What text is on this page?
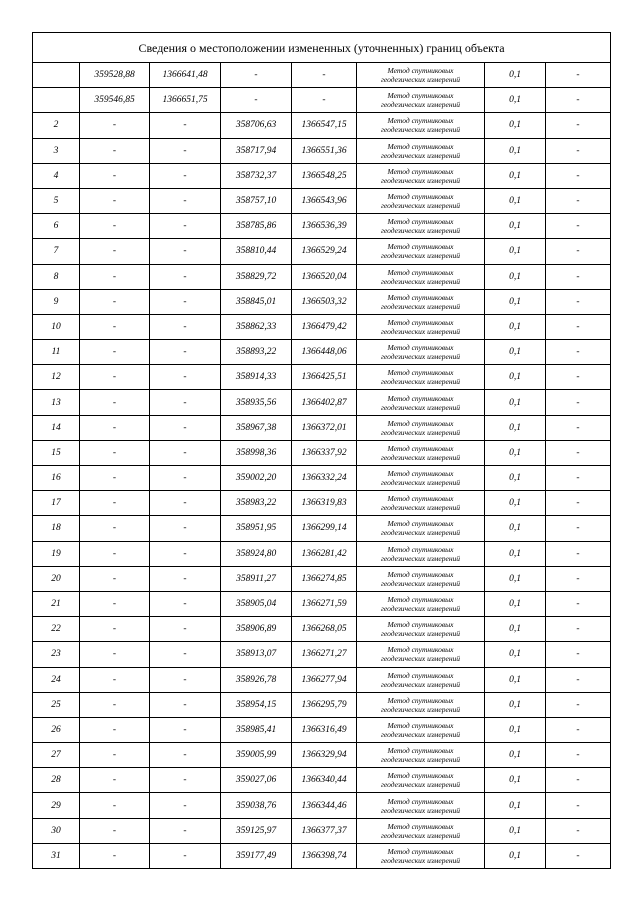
Сведения о местоположении измененных (уточненных) границ объекта							
	359528,88	1366641,48	-	-	Метод спутниковых
геодезических измерений	0,1	-
	359546,85	1366651,75	-	-	Метод спутниковых
геодезических измерений	0,1	-
2	-	-	358706,63	1366547,15	Метод спутниковых
геодезических измерений	0,1	-
3	-	-	358717,94	1366551,36	Метод спутниковых
геодезических измерений	0,1	-
4	-	-	358732,37	1366548,25	Метод спутниковых
геодезических измерений	0,1	-
5	-	-	358757,10	1366543,96	Метод спутниковых
геодезических измерений	0,1	-
6	-	-	358785,86	1366536,39	Метод спутниковых
геодезических измерений	0,1	-
7	-	-	358810,44	1366529,24	Метод спутниковых
геодезических измерений	0,1	-
8	-	-	358829,72	1366520,04	Метод спутниковых
геодезических измерений	0,1	-
9	-	-	358845,01	1366503,32	Метод спутниковых
геодезических измерений	0,1	-
10	-	-	358862,33	1366479,42	Метод спутниковых
геодезических измерений	0,1	-
11	-	-	358893,22	1366448,06	Метод спутниковых
геодезических измерений	0,1	-
12	-	-	358914,33	1366425,51	Метод спутниковых
геодезических измерений	0,1	-
13	-	-	358935,56	1366402,87	Метод спутниковых
геодезических измерений	0,1	-
14	-	-	358967,38	1366372,01	Метод спутниковых
геодезических измерений	0,1	-
15	-	-	358998,36	1366337,92	Метод спутниковых
геодезических измерений	0,1	-
16	-	-	359002,20	1366332,24	Метод спутниковых
геодезических измерений	0,1	-
17	-	-	358983,22	1366319,83	Метод спутниковых
геодезических измерений	0,1	-
18	-	-	358951,95	1366299,14	Метод спутниковых
геодезических измерений	0,1	-
19	-	-	358924,80	1366281,42	Метод спутниковых
геодезических измерений	0,1	-
20	-	-	358911,27	1366274,85	Метод спутниковых
геодезических измерений	0,1	-
21	-	-	358905,04	1366271,59	Метод спутниковых
геодезических измерений	0,1	-
22	-	-	358906,89	1366268,05	Метод спутниковых
геодезических измерений	0,1	-
23	-	-	358913,07	1366271,27	Метод спутниковых
геодезических измерений	0,1	-
24	-	-	358926,78	1366277,94	Метод спутниковых
геодезических измерений	0,1	-
25	-	-	358954,15	1366295,79	Метод спутниковых
геодезических измерений	0,1	-
26	-	-	358985,41	1366316,49	Метод спутниковых
геодезических измерений	0,1	-
27	-	-	359005,99	1366329,94	Метод спутниковых
геодезических измерений	0,1	-
28	-	-	359027,06	1366340,44	Метод спутниковых
геодезических измерений	0,1	-
29	-	-	359038,76	1366344,46	Метод спутниковых
геодезических измерений	0,1	-
30	-	-	359125,97	1366377,37	Метод спутниковых
геодезических измерений	0,1	-
31	-	-	359177,49	1366398,74	Метод спутниковых
геодезических измерений	0,1	-
